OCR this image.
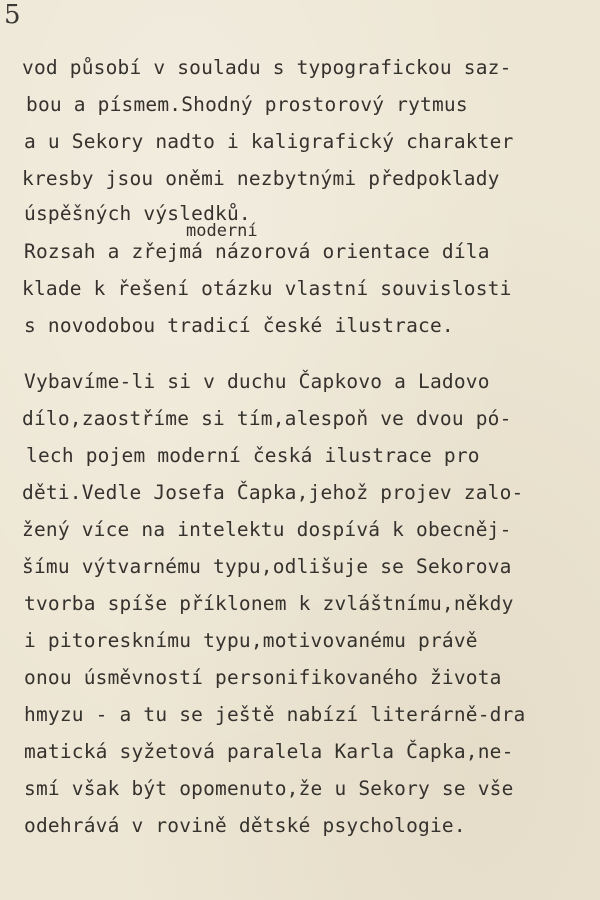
5
vod působí v souladu s typografickou saz-
bou a písmem.Shodný prostorový rytmus
a u Sekory nadto i kaligrafický charakter
kresby jsou oněmi nezbytnými předpoklady
úspěšných výsledků.
moderní
Rozsah a zřejmá názorová orientace díla
klade k řešení otázku vlastní souvislosti
s novodobou tradicí české ilustrace.
Vybavíme-li si v duchu Čapkovo a Ladovo
dílo,zaostříme si tím,alespoň ve dvou pó-
lech pojem moderní česká ilustrace pro
děti.Vedle Josefa Čapka,jehož projev zalo-
žený více na intelektu dospívá k obecněj-
šímu výtvarnému typu,odlišuje se Sekorova
tvorba spíše příklonem k zvláštnímu,někdy
i pitoresknímu typu,motivovanému právě
onou úsměvností personifikovaného života
hmyzu - a tu se ještě nabízí literárně-dra
matická syžetová paralela Karla Čapka,ne-
smí však být opomenuto,že u Sekory se vše
odehrává v rovině dětské psychologie.
